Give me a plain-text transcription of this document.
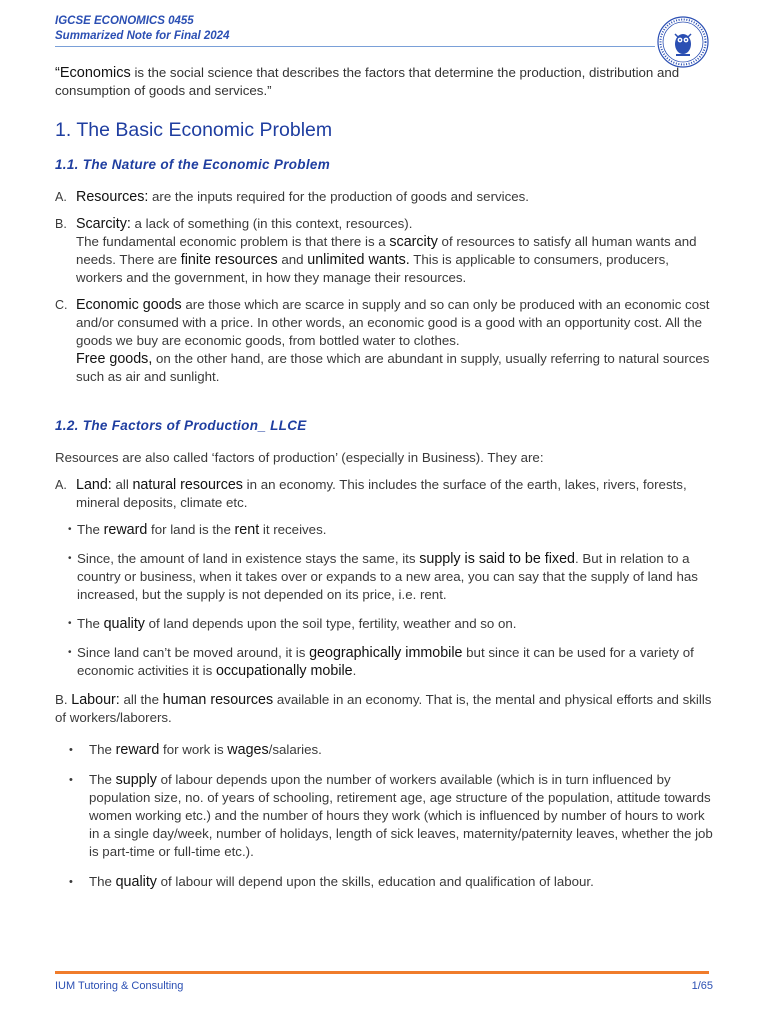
IGCSE ECONOMICS 0455
Summarized Note for Final 2024

“Economics is the social science that describes the factors that determine the production, distribution and consumption of goods and services.”

1. The Basic Economic Problem
1.1. The Nature of the Economic Problem
A. Resources: are the inputs required for the production of goods and services.
B. Scarcity: a lack of something (in this context, resources).
The fundamental economic problem is that there is a scarcity of resources to satisfy all human wants and needs. There are finite resources and unlimited wants. This is applicable to consumers, producers, workers and the government, in how they manage their resources.
C. Economic goods are those which are scarce in supply and so can only be produced with an economic cost and/or consumed with a price. In other words, an economic good is a good with an opportunity cost. All the goods we buy are economic goods, from bottled water to clothes.
Free goods, on the other hand, are those which are abundant in supply, usually referring to natural sources such as air and sunlight.
1.2. The Factors of Production_ LLCE

Resources are also called ‘factors of production’ (especially in Business). They are:

A. Land: all natural resources in an economy. This includes the surface of the earth, lakes, rivers, forests, mineral deposits, climate etc.
• The reward for land is the rent it receives.
• Since, the amount of land in existence stays the same, its supply is said to be fixed. But in relation to a country or business, when it takes over or expands to a new area, you can say that the supply of land has increased, but the supply is not depended on its price, i.e. rent.
• The quality of land depends upon the soil type, fertility, weather and so on.
• Since land can’t be moved around, it is geographically immobile but since it can be used for a variety of economic activities it is occupationally mobile.

B. Labour: all the human resources available in an economy. That is, the mental and physical efforts and skills of workers/laborers.

• The reward for work is wages/salaries.
• The supply of labour depends upon the number of workers available (which is in turn influenced by population size, no. of years of schooling, retirement age, age structure of the population, attitude towards women working etc.) and the number of hours they work (which is influenced by number of hours to work in a single day/week, number of holidays, length of sick leaves, maternity/paternity leaves, whether the job is part-time or full-time etc.).
• The quality of labour will depend upon the skills, education and qualification of labour.
IUM Tutoring & Consulting	1/65
